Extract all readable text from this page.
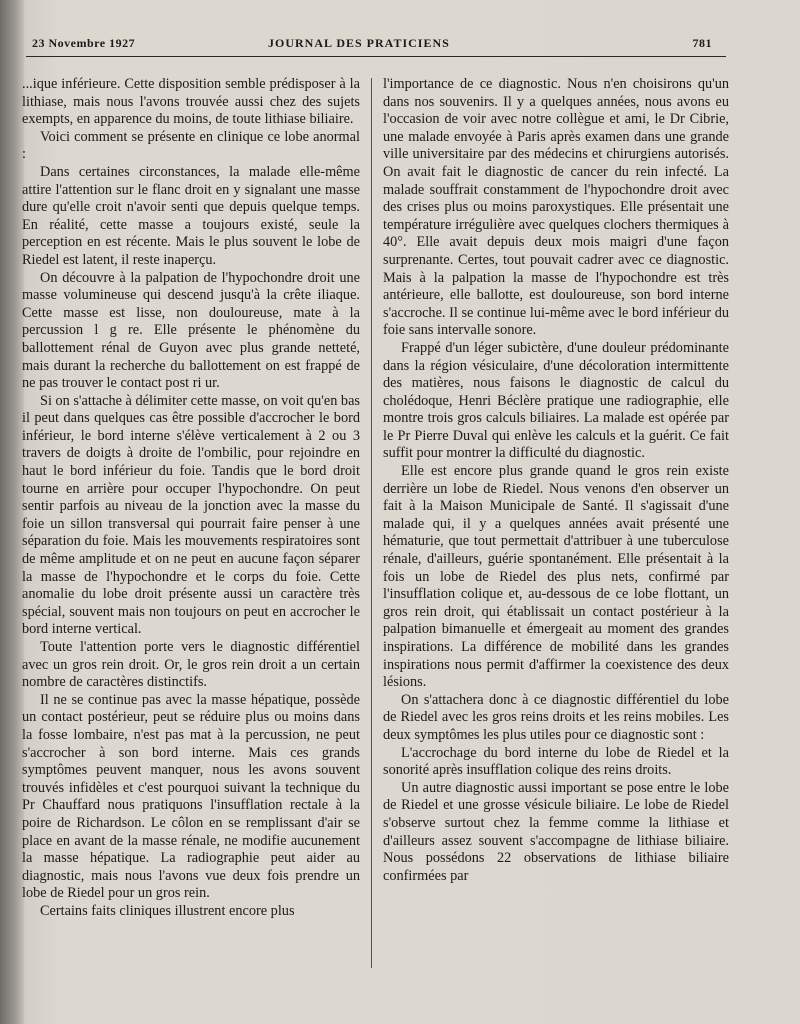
23 Novembre 1927	JOURNAL DES PRATICIENS	781

...ique inférieure. Cette disposition semble prédisposer à la lithiase, mais nous l'avons trouvée aussi chez des sujets exempts, en apparence du moins, de toute lithiase biliaire.

Voici comment se présente en clinique ce lobe anormal :

Dans certaines circonstances, la malade elle-même attire l'attention sur le flanc droit en y signalant une masse dure qu'elle croit n'avoir senti que depuis quelque temps. En réalité, cette masse a toujours existé, seule la perception en est récente. Mais le plus souvent le lobe de Riedel est latent, il reste inaperçu.

On découvre à la palpation de l'hypochondre droit une masse volumineuse qui descend jusqu'à la crête iliaque. Cette masse est lisse, non douloureuse, mate à la percussion l g re. Elle présente le phénomène du ballottement rénal de Guyon avec plus grande netteté, mais durant la recherche du ballottement on est frappé de ne pas trouver le contact post ri ur.

Si on s'attache à délimiter cette masse, on voit qu'en bas il peut dans quelques cas être possible d'accrocher le bord inférieur, le bord interne s'élève verticalement à 2 ou 3 travers de doigts à droite de l'ombilic, pour rejoindre en haut le bord inférieur du foie. Tandis que le bord droit tourne en arrière pour occuper l'hypochondre. On peut sentir parfois au niveau de la jonction avec la masse du foie un sillon transversal qui pourrait faire penser à une séparation du foie. Mais les mouvements respiratoires sont de même amplitude et on ne peut en aucune façon séparer la masse de l'hypochondre et le corps du foie. Cette anomalie du lobe droit présente aussi un caractère très spécial, souvent mais non toujours on peut en accrocher le bord interne vertical.

Toute l'attention porte vers le diagnostic différentiel avec un gros rein droit. Or, le gros rein droit a un certain nombre de caractères distinctifs.

Il ne se continue pas avec la masse hépatique, possède un contact postérieur, peut se réduire plus ou moins dans la fosse lombaire, n'est pas mat à la percussion, ne peut s'accrocher à son bord interne. Mais ces grands symptômes peuvent manquer, nous les avons souvent trouvés infidèles et c'est pourquoi suivant la technique du Pr Chauffard nous pratiquons l'insufflation rectale à la poire de Richardson. Le côlon en se remplissant d'air se place en avant de la masse rénale, ne modifie aucunement la masse hépatique. La radiographie peut aider au diagnostic, mais nous l'avons vue deux fois prendre un lobe de Riedel pour un gros rein.

Certains faits cliniques illustrent encore plus

l'importance de ce diagnostic. Nous n'en choisirons qu'un dans nos souvenirs. Il y a quelques années, nous avons eu l'occasion de voir avec notre collègue et ami, le Dr Cibrie, une malade envoyée à Paris après examen dans une grande ville universitaire par des médecins et chirurgiens autorisés. On avait fait le diagnostic de cancer du rein infecté. La malade souffrait constamment de l'hypochondre droit avec des crises plus ou moins paroxystiques. Elle présentait une température irrégulière avec quelques clochers thermiques à 40°. Elle avait depuis deux mois maigri d'une façon surprenante. Certes, tout pouvait cadrer avec ce diagnostic. Mais à la palpation la masse de l'hypochondre est très antérieure, elle ballotte, est douloureuse, son bord interne s'accroche. Il se continue lui-même avec le bord inférieur du foie sans intervalle sonore.

Frappé d'un léger subictère, d'une douleur prédominante dans la région vésiculaire, d'une décoloration intermittente des matières, nous faisons le diagnostic de calcul du cholédoque, Henri Béclère pratique une radiographie, elle montre trois gros calculs biliaires. La malade est opérée par le Pr Pierre Duval qui enlève les calculs et la guérit. Ce fait suffit pour montrer la difficulté du diagnostic.

Elle est encore plus grande quand le gros rein existe derrière un lobe de Riedel. Nous venons d'en observer un fait à la Maison Municipale de Santé. Il s'agissait d'une malade qui, il y a quelques années avait présenté une hématurie, que tout permettait d'attribuer à une tuberculose rénale, d'ailleurs, guérie spontanément. Elle présentait à la fois un lobe de Riedel des plus nets, confirmé par l'insufflation colique et, au-dessous de ce lobe flottant, un gros rein droit, qui établissait un contact postérieur à la palpation bimanuelle et émergeait au moment des grandes inspirations. La différence de mobilité dans les grandes inspirations nous permit d'affirmer la coexistence des deux lésions.

On s'attachera donc à ce diagnostic différentiel du lobe de Riedel avec les gros reins droits et les reins mobiles. Les deux symptômes les plus utiles pour ce diagnostic sont :

L'accrochage du bord interne du lobe de Riedel et la sonorité après insufflation colique des reins droits.

Un autre diagnostic aussi important se pose entre le lobe de Riedel et une grosse vésicule biliaire. Le lobe de Riedel s'observe surtout chez la femme comme la lithiase et d'ailleurs assez souvent s'accompagne de lithiase biliaire. Nous possédons 22 observations de lithiase biliaire confirmées par
